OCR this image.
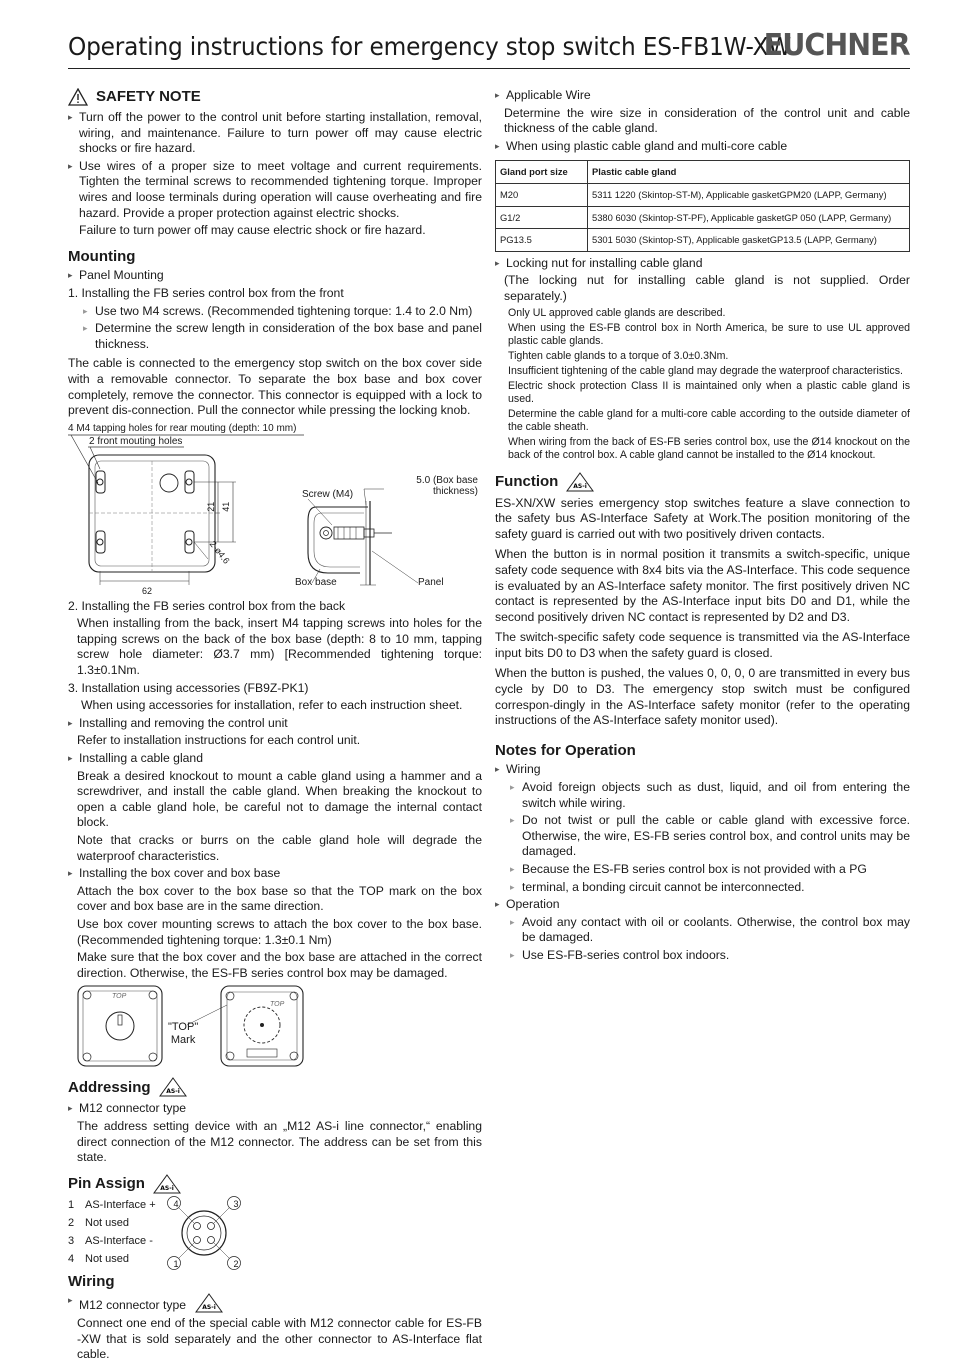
Operating instructions for emergency stop switch ES-FB1W-XW
EUCHNER
SAFETY NOTE

▸ Turn off the power to the control unit before starting installation, removal, wiring, and maintenance. Failure to turn power off may cause electric shocks or fire hazard.

▸ Use wires of a proper size to meet voltage and current requirements. Tighten the terminal screws to recommended tightening torque. Improper wires and loose terminals during operation will cause overheating and fire hazard. Provide a proper protection against electric shocks.

Failure to turn power off may cause electric shock or fire hazard.

Mounting

▸ Panel Mounting

1. Installing the FB series control box from the front

▸ Use two M4 screws. (Recommended tightening torque: 1.4 to 2.0 Nm)

▸ Determine the screw length in consideration of the box base and panel thickness.

The cable is connected to the emergency stop switch on the box cover side with a removable connector. To separate the box base and box cover completely, remove the connector. This connector is equipped with a lock to prevent dis-connection. Pull the connector while pressing the locking knob.

4 M4 tapping holes for rear mouting (depth: 10 mm)
2 front mouting holes
21 41
62
2-ø4.6
Screw (M4)
5.0 (Box base thickness)
Box base	Panel

2. Installing the FB series control box from the back

When installing from the back, insert M4 tapping screws into holes for the tapping screws on the back of the box base (depth: 8 to 10 mm, tapping screw hole diameter: Ø3.7 mm) [Recommended tightening torque: 1.3±0.1Nm.

3. Installation using accessories (FB9Z-PK1)

When using accessories for installation, refer to each instruction sheet.

▸ Installing and removing the control unit

Refer to installation instructions for each control unit.

▸ Installing a cable gland

Break a desired knockout to mount a cable gland using a hammer and a screwdriver, and install the cable gland. When breaking the knockout to open a cable gland hole, be careful not to damage the internal contact block.

Note that cracks or burrs on the cable gland hole will degrade the waterproof characteristics.

▸ Installing the box cover and box base

Attach the box cover to the box base so that the TOP mark on the box cover and box base are in the same direction.

Use box cover mounting screws to attach the box cover to the box base. (Recommended tightening torque: 1.3±0.1 Nm)

Make sure that the box cover and the box base are attached in the correct direction. Otherwise, the ES-FB series control box may be damaged.

TOP
TOP
"TOP"
Mark
Addressing	AS-i

▸ M12 connector type

The address setting device with an „M12 AS-i line connector,“ enabling direct connection of the M12 connector. The address can be set from this state.

Pin Assign	AS-i
1 AS-Interface +
2 Not used
3 AS-Interface -
4 Not used
4	3
1	2
Wiring

▸ M12 connector type	AS-i

Connect one end of the special cable with M12 connector cable for ES-FB -XW that is sold separately and the other connector to AS-Interface flat cable.

▸ Applicable Wire

Determine the wire size in consideration of the control unit and cable thickness of the cable gland.

▸ When using plastic cable gland and multi-core cable

Gland port size	Plastic cable gland
M20	5311 1220 (Skintop-ST-M), Applicable gasketGPM20 (LAPP, Germany)
G1/2	5380 6030 (Skintop-ST-PF), Applicable gasketGP 050 (LAPP, Germany)
PG13.5	5301 5030 (Skintop-ST), Applicable gasketGP13.5 (LAPP, Germany)

▸ Locking nut for installing cable gland

(The locking nut for installing cable gland is not supplied. Order separately.)

Only UL approved cable glands are described.

When using the ES-FB control box in North America, be sure to use UL approved plastic cable glands.

Tighten cable glands to a torque of 3.0±0.3Nm.

Insufficient tightening of the cable gland may degrade the waterproof characteristics.

Electric shock protection Class II is maintained only when a plastic cable gland is used.

Determine the cable gland for a multi-core cable according to the outside diameter of the cable sheath.

When wiring from the back of ES-FB series control box, use the Ø14 knockout on the back of the control box. A cable gland cannot be installed to the Ø14 knockout.

Function	AS-i

ES-XN/XW series emergency stop switches feature a slave connection to the safety bus AS-Interface Safety at Work.The position monitoring of the safety guard is carried out with two positively driven contacts.

When the button is in normal position it transmits a switch-specific, unique safety code sequence with 8x4 bits via the AS-Interface. This code sequence is evaluated by an AS-Interface safety monitor. The first positively driven NC contact is represented by the AS-Interface input bits D0 and D1, while the second positively driven NC contact is represented by D2 and D3.

The switch-specific safety code sequence is transmitted via the AS-Interface input bits D0 to D3 when the safety guard is closed.

When the button is pushed, the values 0, 0, 0, 0 are transmitted in every bus cycle by D0 to D3. The emergency stop switch must be configured correspon-dingly in the AS-Interface safety monitor (refer to the operating instructions of the AS-Interface safety monitor used).

Notes for Operation

▸ Wiring

▸ Avoid foreign objects such as dust, liquid, and oil from entering the switch while wiring.

▸ Do not twist or pull the cable or cable gland with excessive force. Otherwise, the wire, ES-FB series control box, and control units may be damaged.

▸ Because the ES-FB series control box is not provided with a PG

▸ terminal, a bonding circuit cannot be interconnected.

▸ Operation

▸ Avoid any contact with oil or coolants. Otherwise, the control box may be damaged.

▸ Use ES-FB-series control box indoors.
